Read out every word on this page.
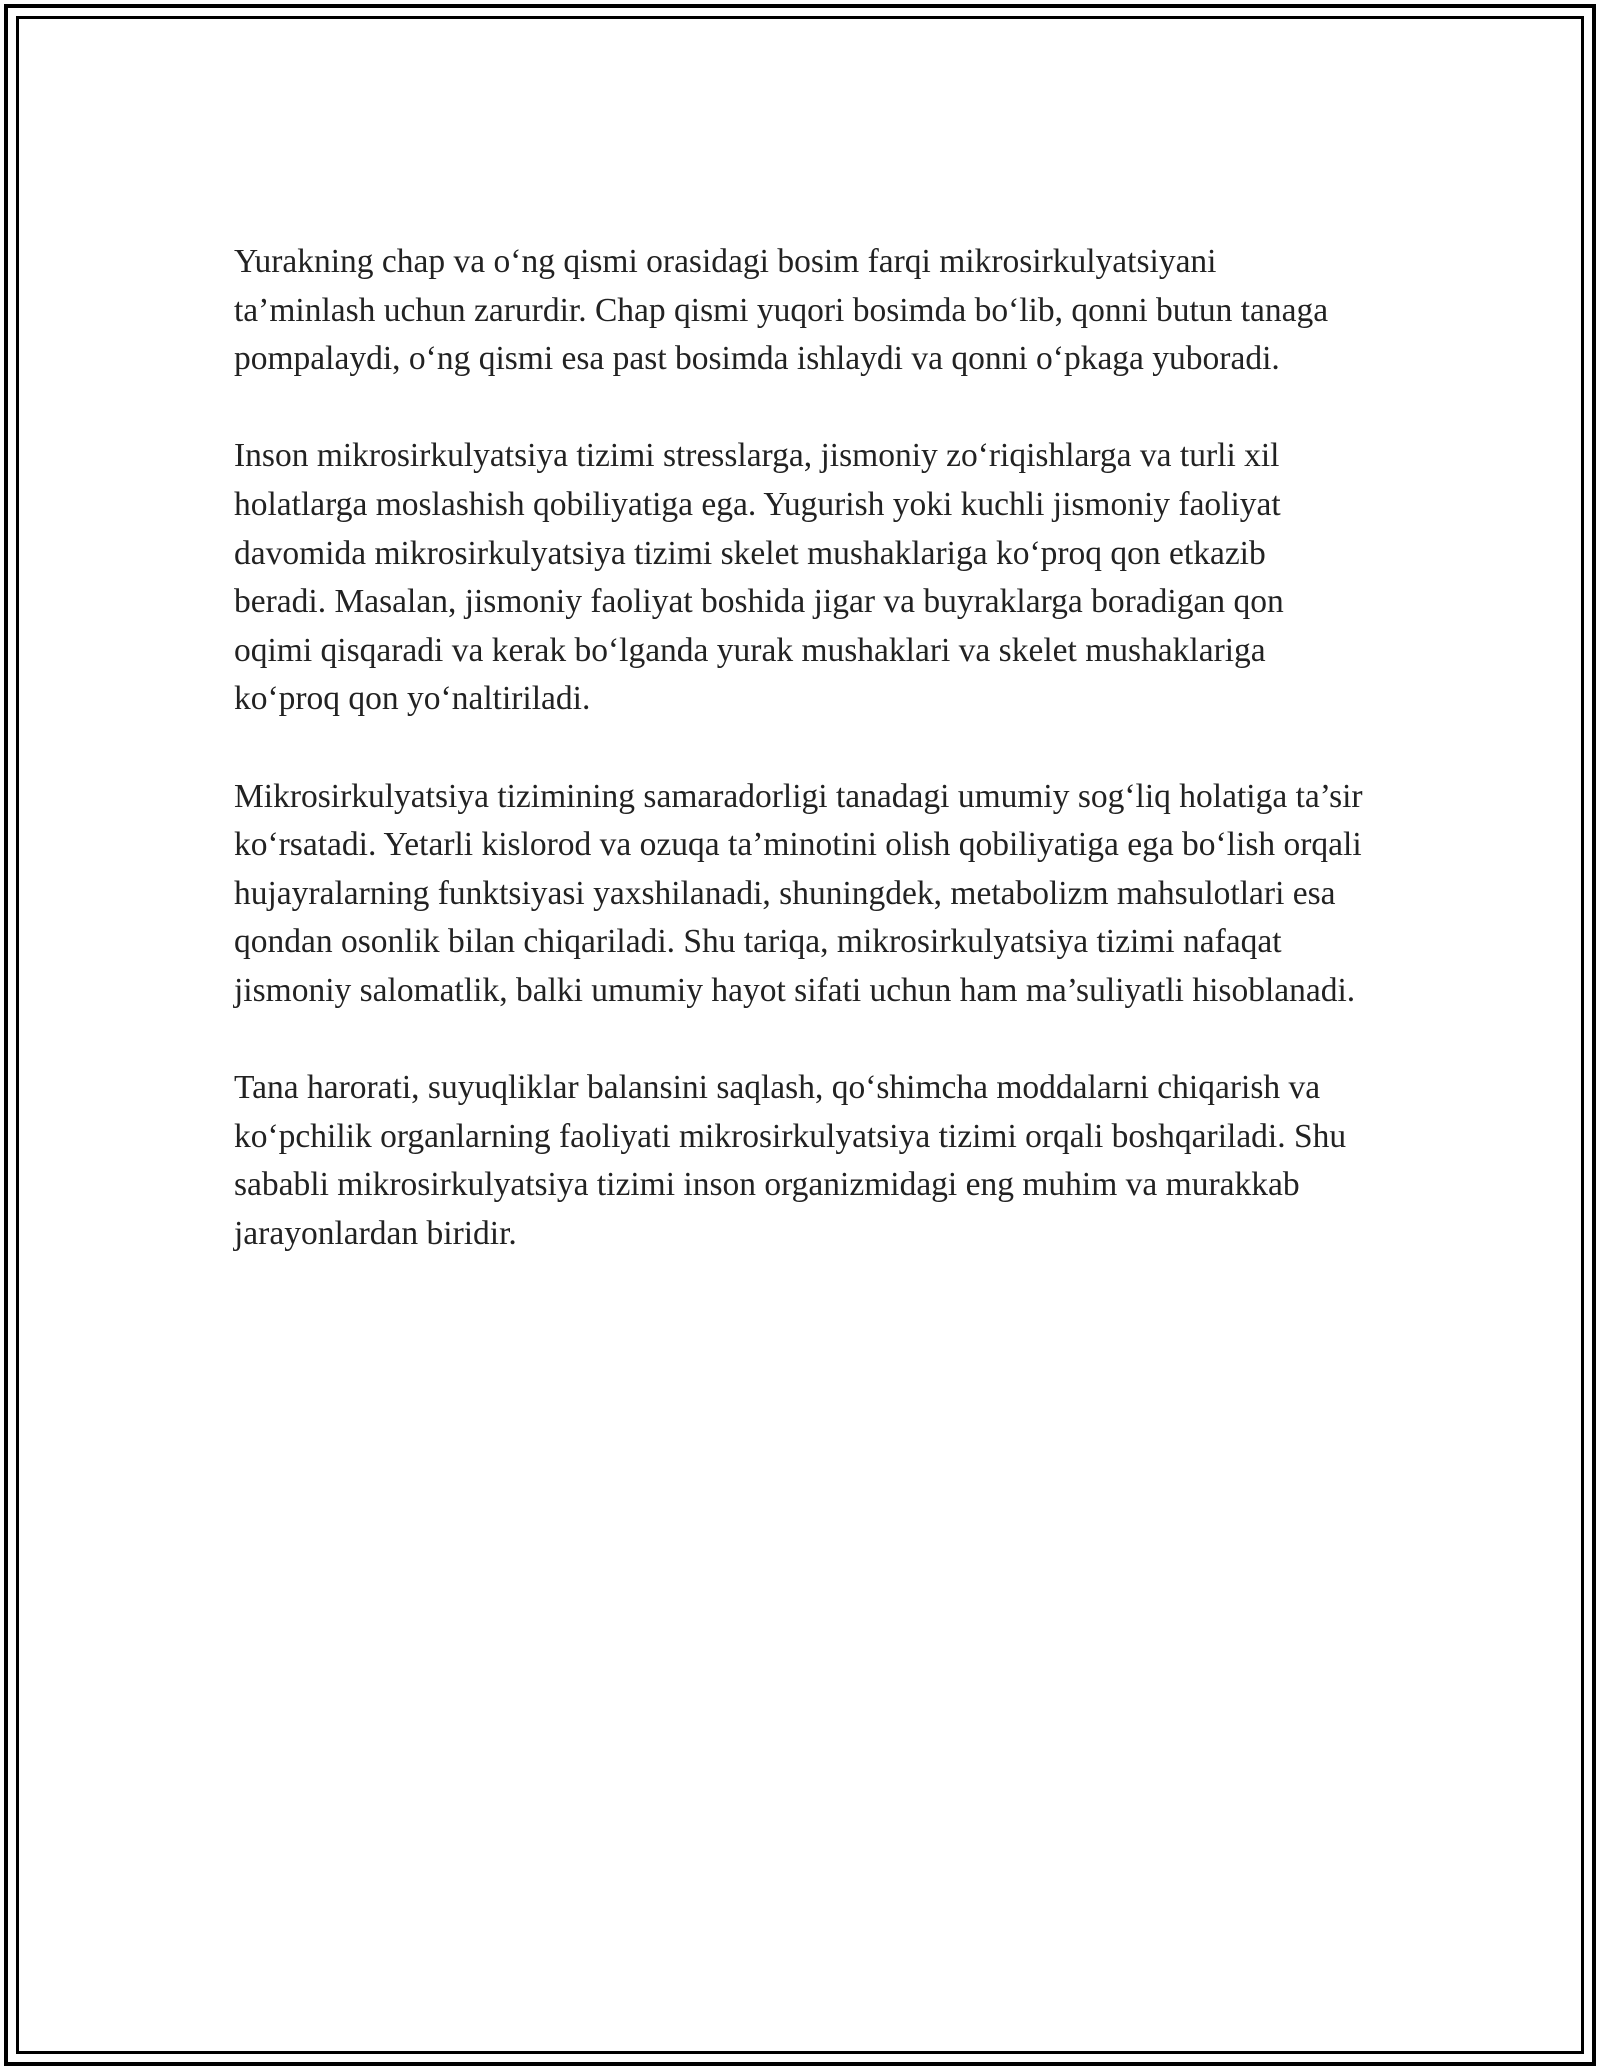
Yurakning chap va o‘ng qismi orasidagi bosim farqi mikrosirkulyatsiyani ta’minlash uchun zarurdir. Chap qismi yuqori bosimda bo‘lib, qonni butun tanaga pompalaydi, o‘ng qismi esa past bosimda ishlaydi va qonni o‘pkaga yuboradi.

Inson mikrosirkulyatsiya tizimi stresslarga, jismoniy zo‘riqishlarga va turli xil holatlarga moslashish qobiliyatiga ega. Yugurish yoki kuchli jismoniy faoliyat davomida mikrosirkulyatsiya tizimi skelet mushaklariga ko‘proq qon etkazib beradi. Masalan, jismoniy faoliyat boshida jigar va buyraklarga boradigan qon oqimi qisqaradi va kerak bo‘lganda yurak mushaklari va skelet mushaklariga ko‘proq qon yo‘naltiriladi.

Mikrosirkulyatsiya tizimining samaradorligi tanadagi umumiy sog‘liq holatiga ta’sir ko‘rsatadi. Yetarli kislorod va ozuqa ta’minotini olish qobiliyatiga ega bo‘lish orqali hujayralarning funktsiyasi yaxshilanadi, shuningdek, metabolizm mahsulotlari esa qondan osonlik bilan chiqariladi. Shu tariqa, mikrosirkulyatsiya tizimi nafaqat jismoniy salomatlik, balki umumiy hayot sifati uchun ham ma’suliyatli hisoblanadi.

Tana harorati, suyuqliklar balansini saqlash, qo‘shimcha moddalarni chiqarish va ko‘pchilik organlarning faoliyati mikrosirkulyatsiya tizimi orqali boshqariladi. Shu sababli mikrosirkulyatsiya tizimi inson organizmidagi eng muhim va murakkab jarayonlardan biridir.
